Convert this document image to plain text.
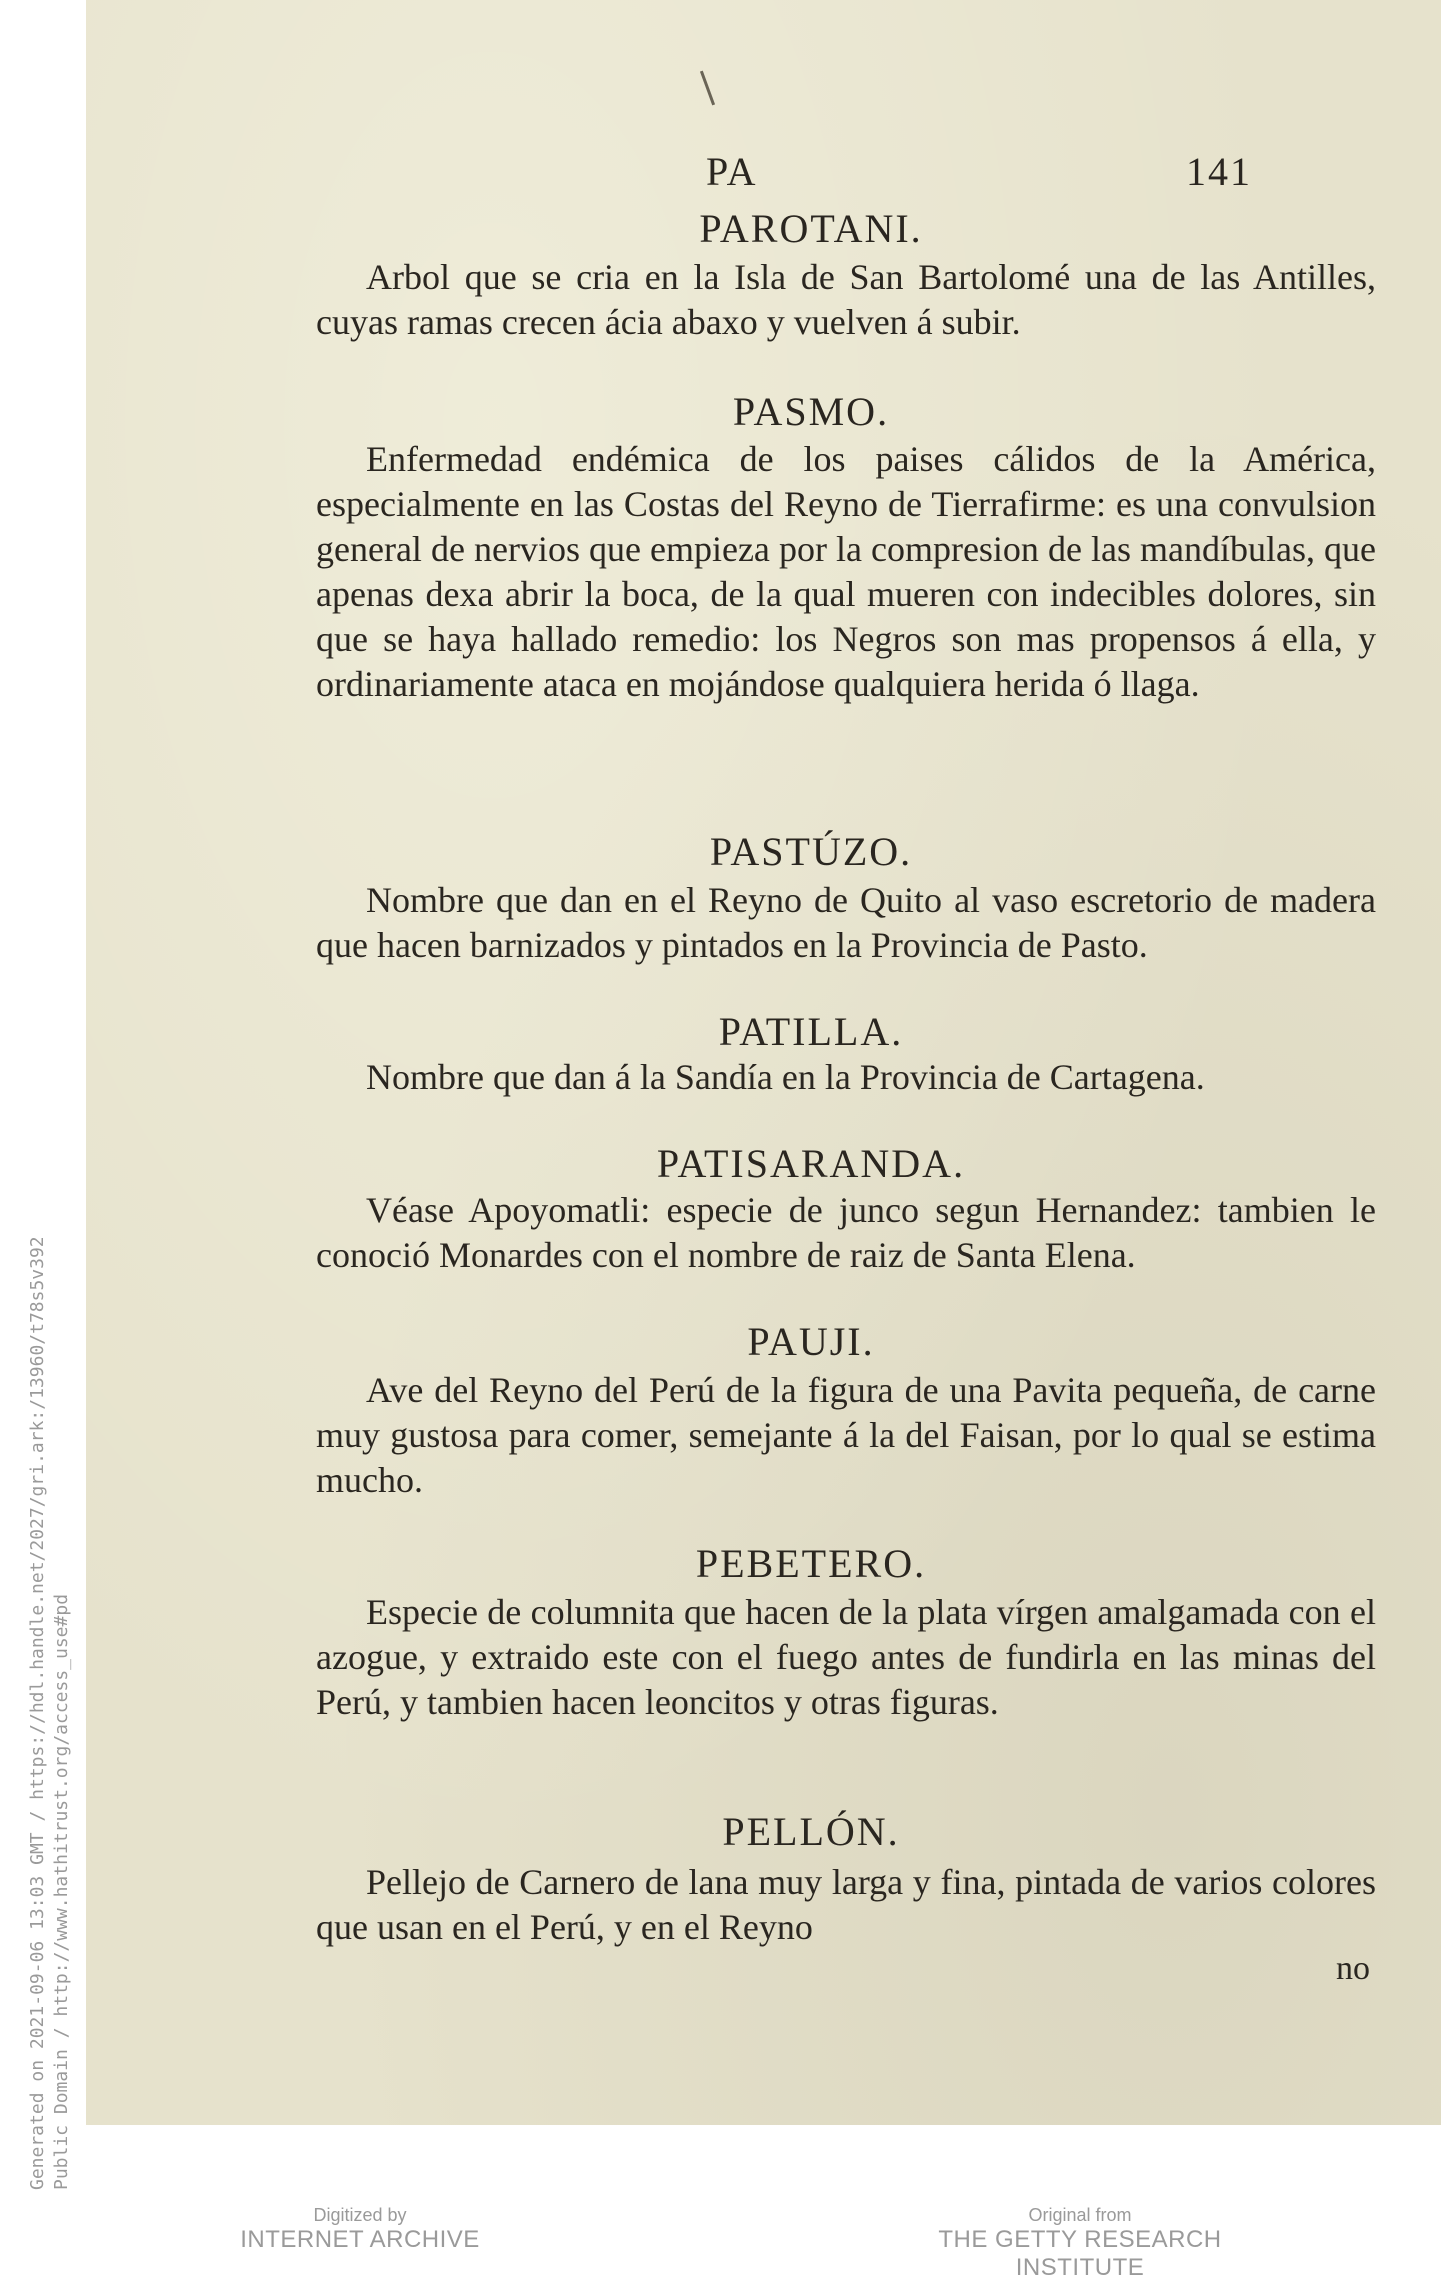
PA	141
PAROTANI.
Arbol que se cria en la Isla de San Bartolomé una de las Antilles, cuyas ramas crecen ácia abaxo y vuelven á subir.
PASMO.
Enfermedad endémica de los paises cálidos de la América, especialmente en las Costas del Reyno de Tierrafirme: es una convulsion general de nervios que empieza por la compresion de las mandíbulas, que apenas dexa abrir la boca, de la qual mueren con indecibles dolores, sin que se haya hallado remedio: los Negros son mas propensos á ella, y ordinariamente ataca en mojándose qualquiera herida ó llaga.
PASTÚZO.
Nombre que dan en el Reyno de Quito al vaso escretorio de madera que hacen barnizados y pintados en la Provincia de Pasto.
PATILLA.
Nombre que dan á la Sandía en la Provincia de Cartagena.
PATISARANDA.
Véase Apoyomatli: especie de junco segun Hernandez: tambien le conoció Monardes con el nombre de raiz de Santa Elena.
PAUJI.
Ave del Reyno del Perú de la figura de una Pavita pequeña, de carne muy gustosa para comer, semejante á la del Faisan, por lo qual se estima mucho.
PEBETERO.
Especie de columnita que hacen de la plata vírgen amalgamada con el azogue, y extraido este con el fuego antes de fundirla en las minas del Perú, y tambien hacen leoncitos y otras figuras.
PELLÓN.
Pellejo de Carnero de lana muy larga y fina, pintada de varios colores que usan en el Perú, y en el Reyno
no
Generated on 2021-09-06 13:03 GMT / https://hdl.handle.net/2027/gri.ark:/13960/t78s5v392 Public Domain / http://www.hathitrust.org/access_use#pd
Digitized by
INTERNET ARCHIVE
Original from
THE GETTY RESEARCH INSTITUTE
